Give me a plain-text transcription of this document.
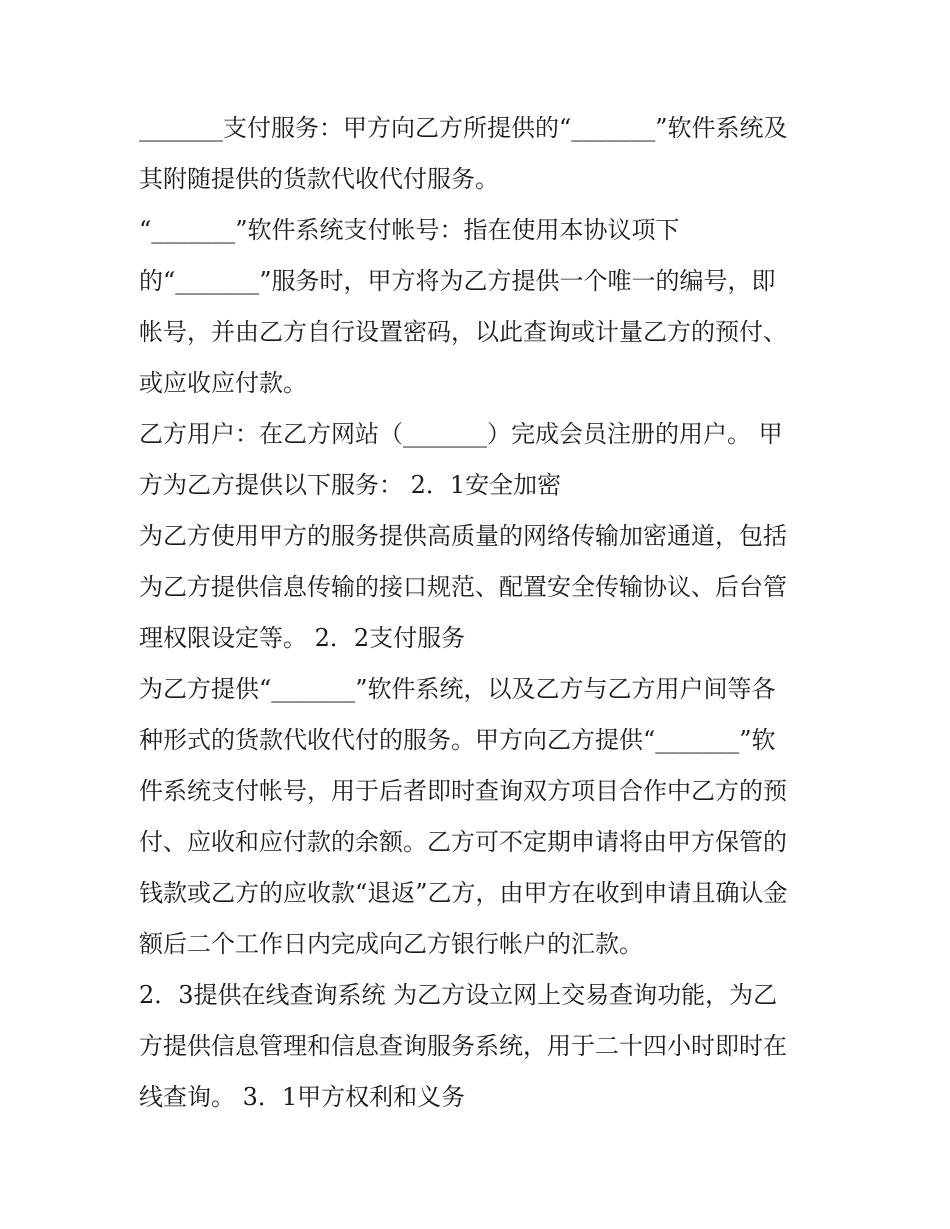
_______支付服务：甲方向乙方所提供的“_______”软件系统及

其附随提供的货款代收代付服务。

“_______”软件系统支付帐号：指在使用本协议项下

的“_______”服务时，甲方将为乙方提供一个唯一的编号，即

帐号，并由乙方自行设置密码，以此查询或计量乙方的预付、

或应收应付款。

乙方用户：在乙方网站（_______）完成会员注册的用户。 甲

方为乙方提供以下服务： 2．1安全加密

为乙方使用甲方的服务提供高质量的网络传输加密通道，包括

为乙方提供信息传输的接口规范、配置安全传输协议、后台管

理权限设定等。 2．2支付服务

为乙方提供“_______”软件系统，以及乙方与乙方用户间等各

种形式的货款代收代付的服务。甲方向乙方提供“_______”软

件系统支付帐号，用于后者即时查询双方项目合作中乙方的预

付、应收和应付款的余额。乙方可不定期申请将由甲方保管的

钱款或乙方的应收款“退返”乙方，由甲方在收到申请且确认金

额后二个工作日内完成向乙方银行帐户的汇款。

2．3提供在线查询系统 为乙方设立网上交易查询功能，为乙

方提供信息管理和信息查询服务系统，用于二十四小时即时在

线查询。 3．1甲方权利和义务
